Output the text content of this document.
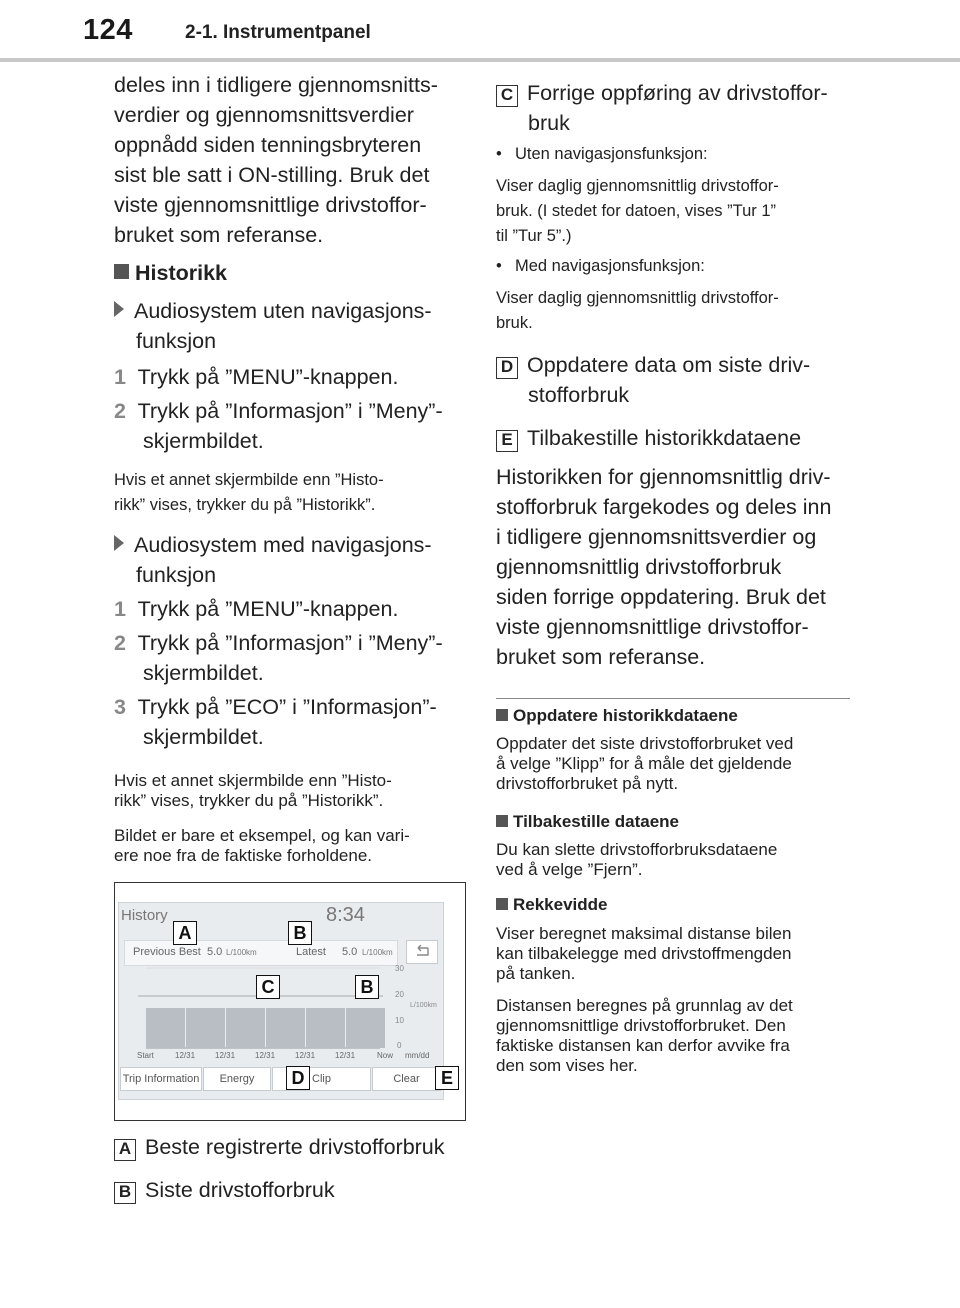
124	2-1. Instrumentpanel
deles inn i tidligere gjennomsnitts-
verdier og gjennomsnittsverdier
oppnådd siden tenningsbryteren
sist ble satt i ON-stilling. Bruk det
viste gjennomsnittlige drivstoffor-
bruket som referanse.
Historikk
Audiosystem uten navigasjons-
funksjon
1 Trykk på ”MENU”-knappen.
2 Trykk på ”Informasjon” i ”Meny”-
skjermbildet.
Hvis et annet skjermbilde enn ”Histo-
rikk” vises, trykker du på ”Historikk”.
Audiosystem med navigasjons-
funksjon
1 Trykk på ”MENU”-knappen.
2 Trykk på ”Informasjon” i ”Meny”-
skjermbildet.
3 Trykk på ”ECO” i ”Informasjon”-
skjermbildet.
Hvis et annet skjermbilde enn ”Histo-
rikk” vises, trykker du på ”Historikk”.
Bildet er bare et eksempel, og kan vari-
ere noe fra de faktiske forholdene.
History	8:34
Previous Best 5.0 L/100km	Latest 5.0 L/100km
30
20
10
0
L/100km
Start	12/31 12/31 12/31 12/31 12/31	Now mm/dd
Trip Information	Energy	Clip	Clear
A	B
C	B
D	E
A Beste registrerte drivstofforbruk
B Siste drivstofforbruk
C Forrige oppføring av drivstoffor-
bruk
• Uten navigasjonsfunksjon:
Viser daglig gjennomsnittlig drivstoffor-
bruk. (I stedet for datoen, vises ”Tur 1”
til ”Tur 5”.)
• Med navigasjonsfunksjon:
Viser daglig gjennomsnittlig drivstoffor-
bruk.
D Oppdatere data om siste driv-
stofforbruk
E Tilbakestille historikkdataene
Historikken for gjennomsnittlig driv-
stofforbruk fargekodes og deles inn
i tidligere gjennomsnittsverdier og
gjennomsnittlig drivstofforbruk
siden forrige oppdatering. Bruk det
viste gjennomsnittlige drivstoffor-
bruket som referanse.
Oppdatere historikkdataene
Oppdater det siste drivstofforbruket ved
å velge ”Klipp” for å måle det gjeldende
drivstofforbruket på nytt.
Tilbakestille dataene
Du kan slette drivstofforbruksdataene
ved å velge ”Fjern”.
Rekkevidde
Viser beregnet maksimal distanse bilen
kan tilbakelegge med drivstoffmengden
på tanken.
Distansen beregnes på grunnlag av det
gjennomsnittlige drivstofforbruket. Den
faktiske distansen kan derfor avvike fra
den som vises her.
